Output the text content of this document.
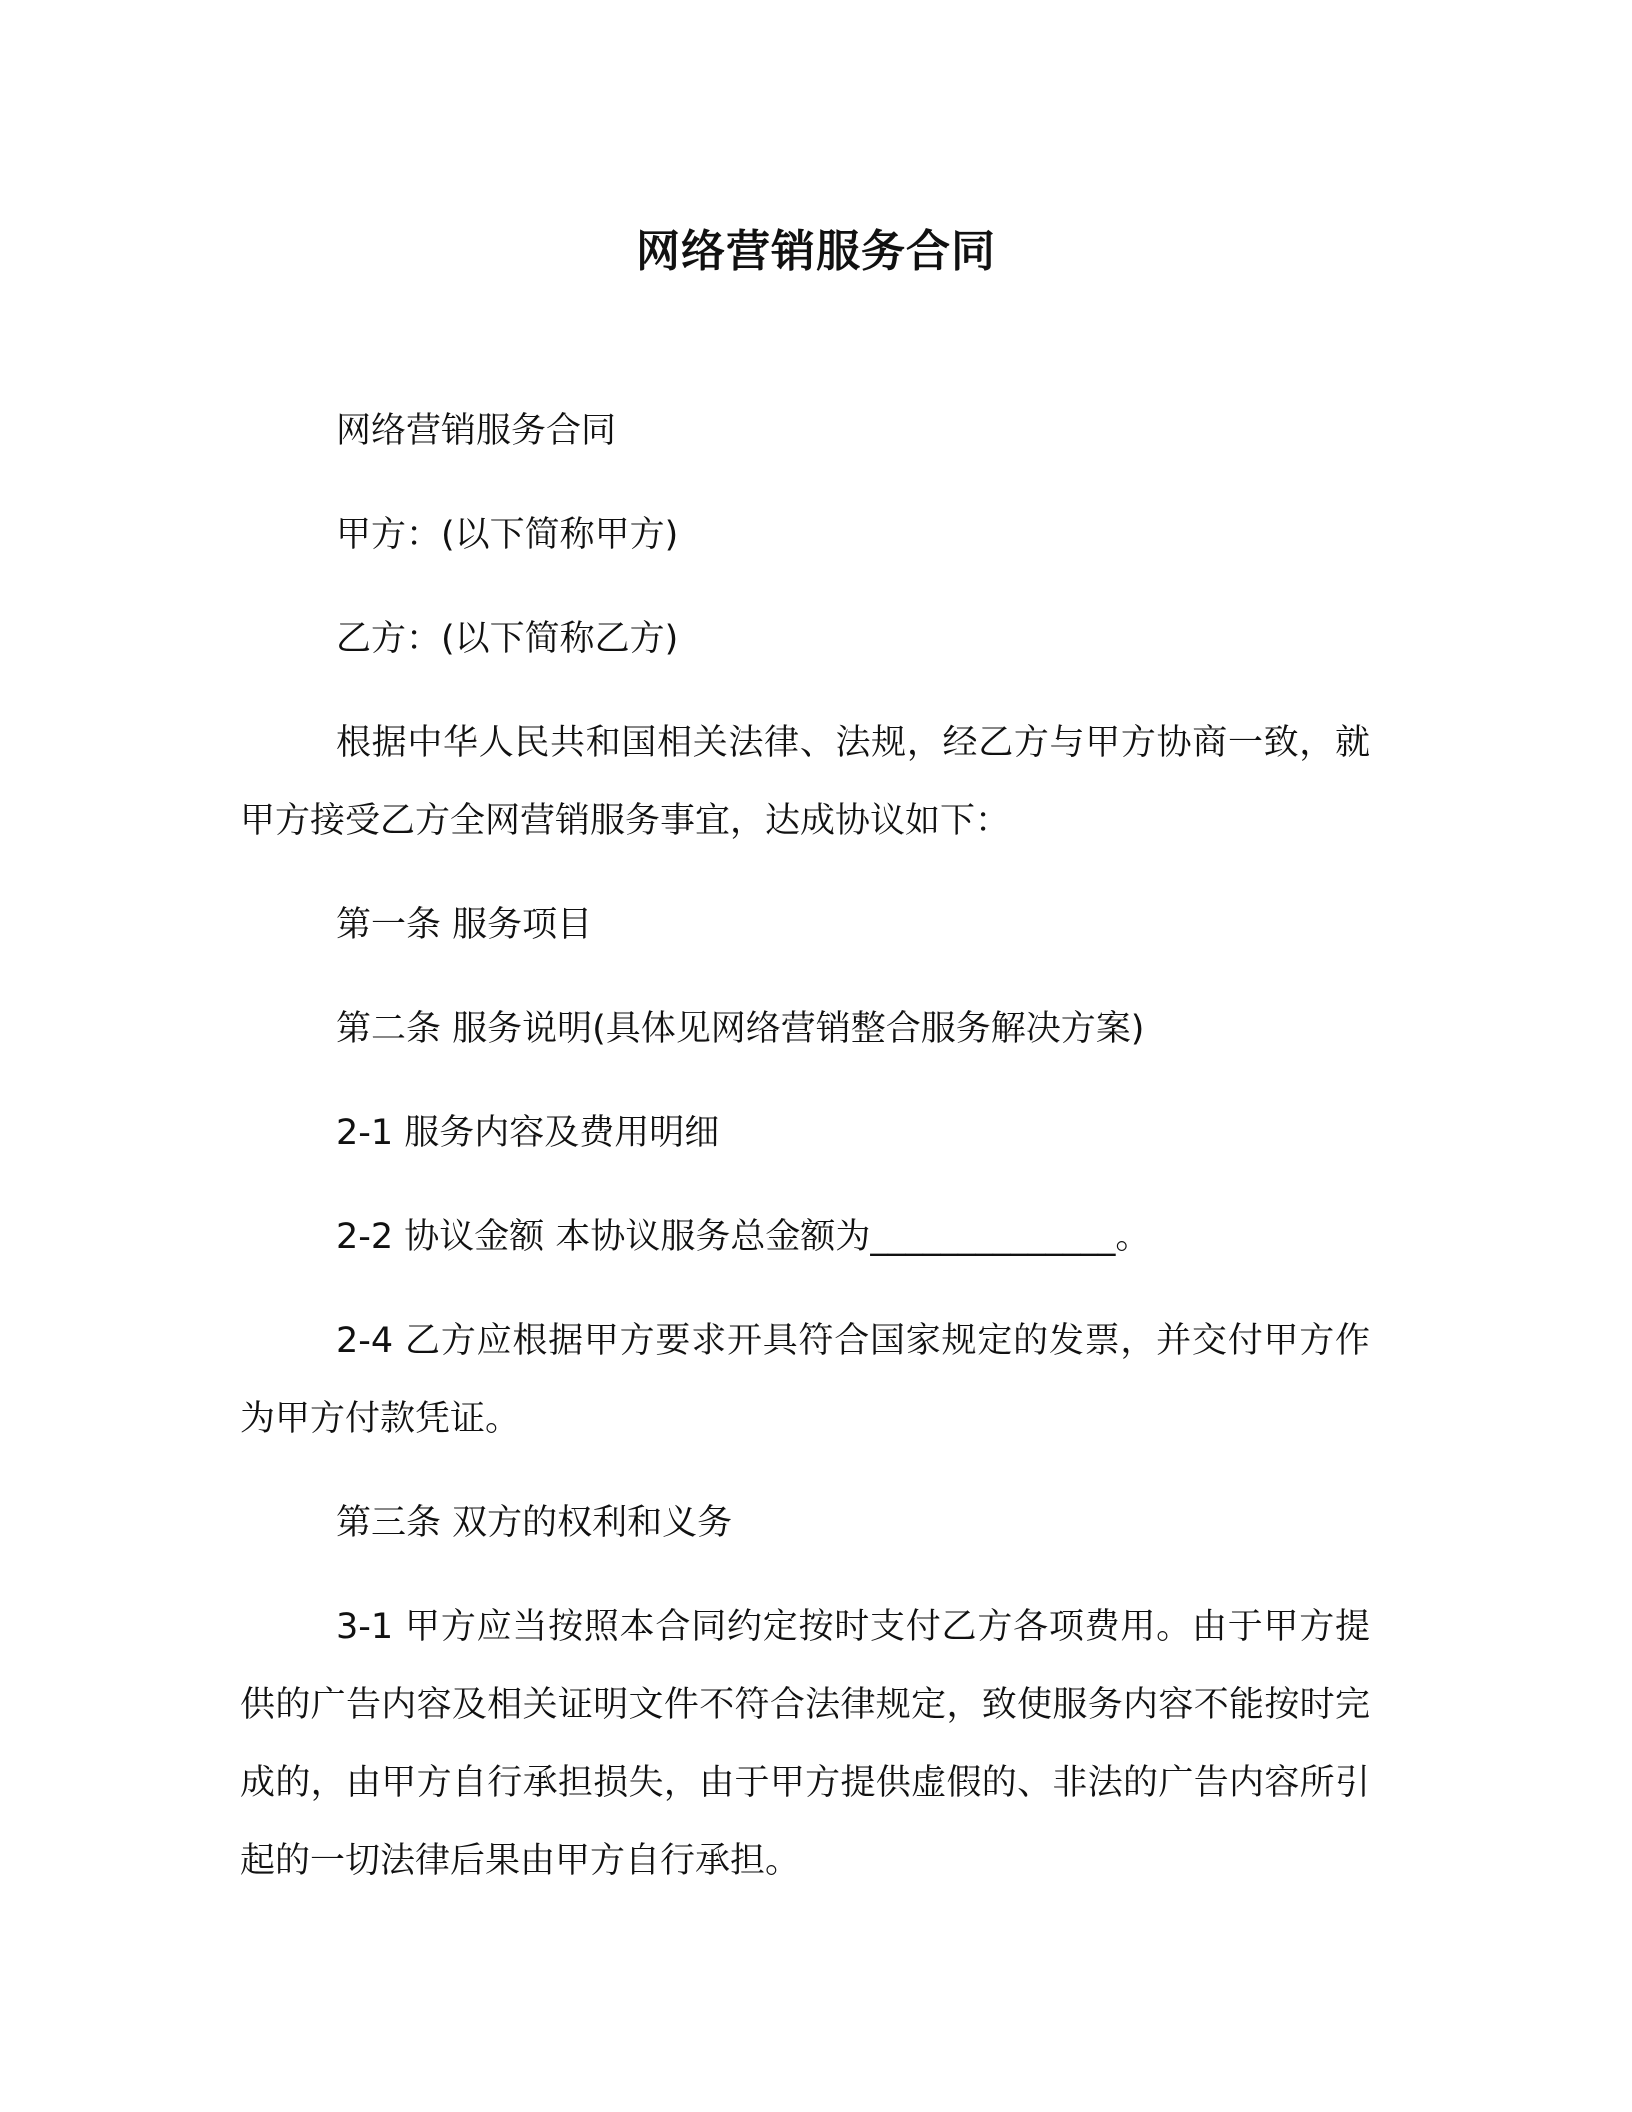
网络营销服务合同

网络营销服务合同

甲方：(以下简称甲方)

乙方：(以下简称乙方)

根据中华人民共和国相关法律、法规，经乙方与甲方协商一致，就甲方接受乙方全网营销服务事宜，达成协议如下：

第一条 服务项目

第二条 服务说明(具体见网络营销整合服务解决方案)

2-1 服务内容及费用明细

2-2 协议金额 本协议服务总金额为______________。

2-4 乙方应根据甲方要求开具符合国家规定的发票，并交付甲方作为甲方付款凭证。

第三条 双方的权利和义务

3-1 甲方应当按照本合同约定按时支付乙方各项费用。由于甲方提供的广告内容及相关证明文件不符合法律规定，致使服务内容不能按时完成的，由甲方自行承担损失，由于甲方提供虚假的、非法的广告内容所引起的一切法律后果由甲方自行承担。
